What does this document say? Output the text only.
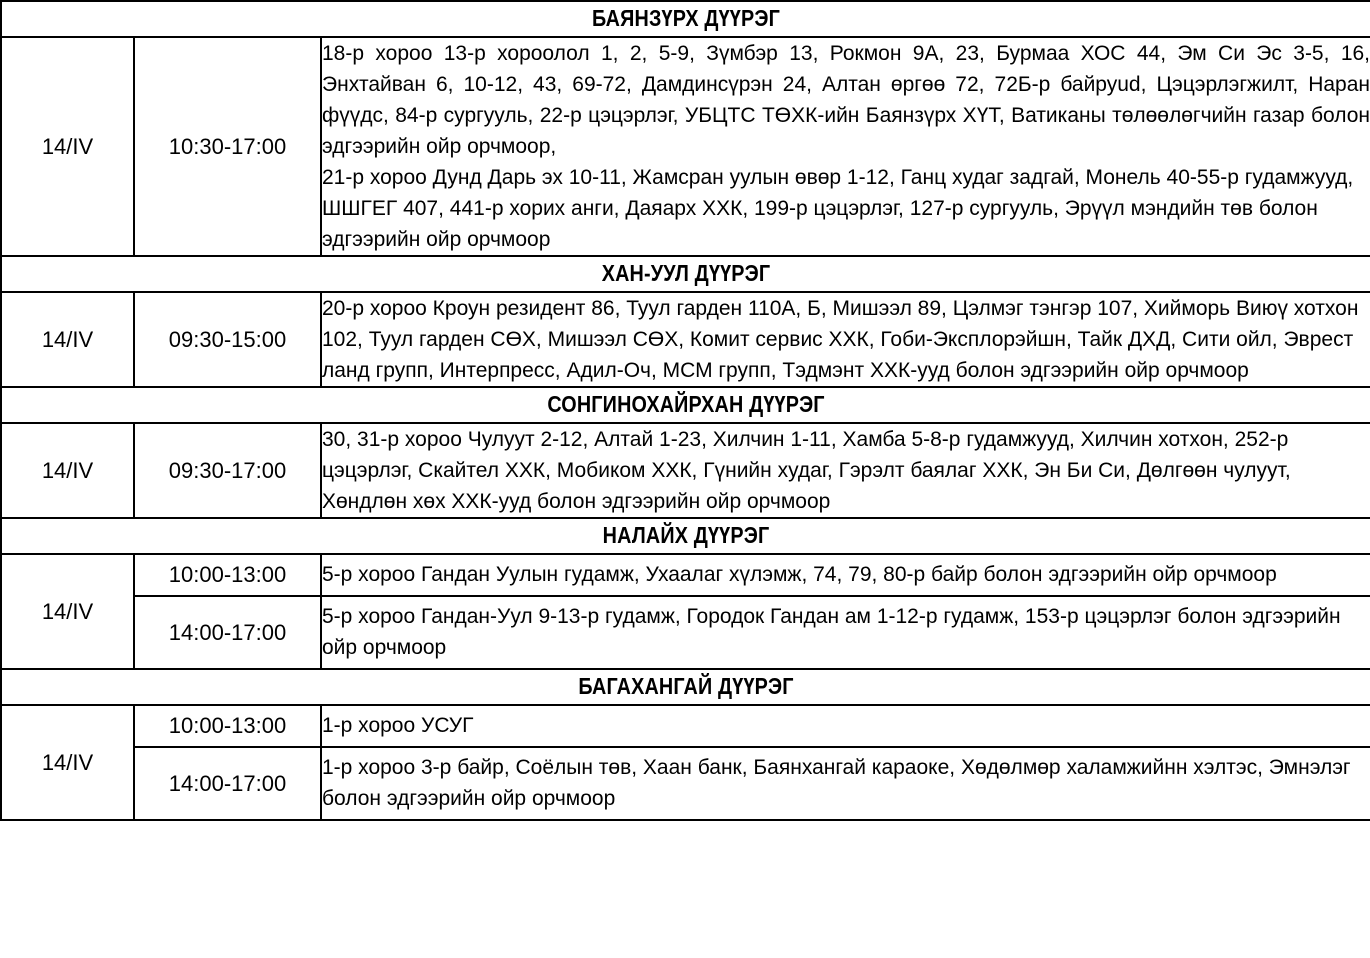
БАЯНЗҮРХ ДҮҮРЭГ		

14/IV	10:30-17:00	18-р хороо 13-р хороолол 1, 2, 5-9, Зүмбэр 13, Рокмон 9А, 23, Бурмаа ХОС 44, Эм Си Эс 3-5, 16, Энхтайван 6, 10-12, 43, 69-72, Дамдинсүрэн 24, Алтан өргөө 72, 72Б-р байруud, Цэцэрлэгжилт, Наран фүүдс, 84-р сургууль, 22-р цэцэрлэг, УБЦТС ТӨХК-ийн Баянзүрх ХҮТ, Ватиканы төлөөлөгчийн газар болон эдгээрийн ойр орчмоор,

21-р хороо Дунд Дарь эх 10-11, Жамсран уулын өвөр 1-12, Ганц худаг задгай, Монель 40-55-р гудамжууд, ШШГЕГ 407, 441-р хорих анги, Даяарх ХХК, 199-р цэцэрлэг, 127-р сургууль, Эрүүл мэндийн төв болон эдгээрийн ойр орчмоор

ХАН-УУЛ ДҮҮРЭГ		

14/IV	09:30-15:00	20-р хороо Кроун резидент 86, Туул гарден 110А, Б, Мишээл 89, Цэлмэг тэнгэр 107, Хийморь Виюү хотхон 102, Туул гарден СӨХ, Мишээл СӨХ, Комит сервис ХХК, Гоби-Эксплорэйшн, Тайк ДХД, Сити ойл, Эврест ланд групп, Интерпресс, Адил-Оч, МСМ групп, Тэдмэнт ХХК-ууд болон эдгээрийн ойр орчмоор

СОНГИНОХАЙРХАН ДҮҮРЭГ		

14/IV	09:30-17:00	30, 31-р хороо Чулуут 2-12, Алтай 1-23, Хилчин 1-11, Хамба 5-8-р гудамжууд, Хилчин хотхон, 252-р цэцэрлэг, Скайтел ХХК, Мобиком ХХК, Гүнийн худаг, Гэрэлт баялаг ХХК, Эн Би Си, Дөлгөөн чулуут, Хөндлөн хөх ХХК-ууд болон эдгээрийн ойр орчмоор

НАЛАЙХ ДҮҮРЭГ		

14/IV	10:00-13:00	5-р хороо Гандан Уулын гудамж, Ухаалаг хүлэмж, 74, 79, 80-р байр болон эдгээрийн ойр орчмоор

	14:00-17:00	5-р хороо Гандан-Уул 9-13-р гудамж, Городок Гандан ам 1-12-р гудамж, 153-р цэцэрлэг болон эдгээрийн ойр орчмоор

БАГАХАНГАЙ ДҮҮРЭГ		

14/IV	10:00-13:00	1-р хороо УСУГ

	14:00-17:00	1-р хороо 3-р байр, Соёлын төв, Хаан банк, Баянхангай караоке, Хөдөлмөр халамжийнн хэлтэс, Эмнэлэг болон эдгээрийн ойр орчмоор
